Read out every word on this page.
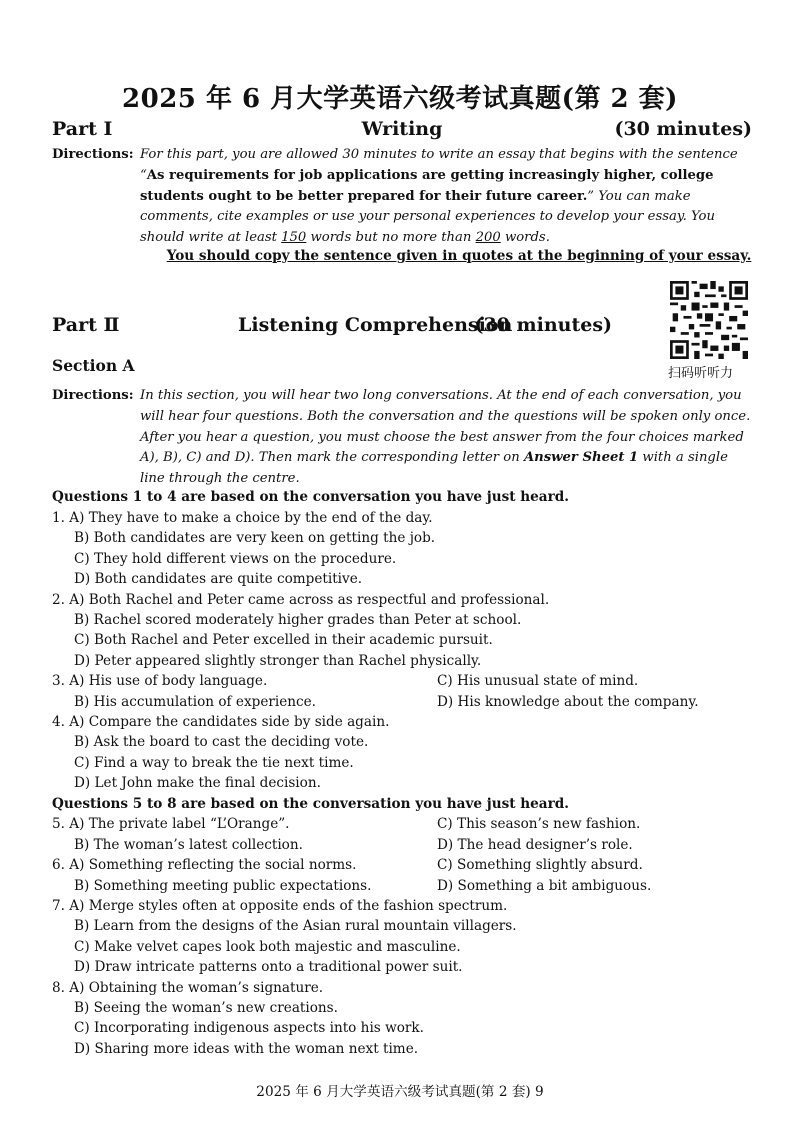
2025 年 6 月大学英语六级考试真题(第 2 套)
Part Ⅰ	Writing	(30 minutes)
Directions: For this part, you are allowed 30 minutes to write an essay that begins with the sentence “As requirements for job applications are getting increasingly higher, college students ought to be better prepared for their future career.” You can make comments, cite examples or use your personal experiences to develop your essay. You should write at least 150 words but no more than 200 words.
You should copy the sentence given in quotes at the beginning of your essay.
Part Ⅱ	Listening Comprehension
(30 minutes)
扫码听听力
Section A
Directions: In this section, you will hear two long conversations. At the end of each conversation, you will hear four questions. Both the conversation and the questions will be spoken only once. After you hear a question, you must choose the best answer from the four choices marked A), B), C) and D). Then mark the corresponding letter on Answer Sheet 1 with a single line through the centre.
Questions 1 to 4 are based on the conversation you have just heard.
1. A) They have to make a choice by the end of the day.
B) Both candidates are very keen on getting the job.
C) They hold different views on the procedure.
D) Both candidates are quite competitive.
2. A) Both Rachel and Peter came across as respectful and professional.
B) Rachel scored moderately higher grades than Peter at school.
C) Both Rachel and Peter excelled in their academic pursuit.
D) Peter appeared slightly stronger than Rachel physically.
3. A) His use of body language.	C) His unusual state of mind.
B) His accumulation of experience.	D) His knowledge about the company.
4. A) Compare the candidates side by side again.
B) Ask the board to cast the deciding vote.
C) Find a way to break the tie next time.
D) Let John make the final decision.
Questions 5 to 8 are based on the conversation you have just heard.
5. A) The private label “L’Orange”.	C) This season’s new fashion.
B) The woman’s latest collection.	D) The head designer’s role.
6. A) Something reflecting the social norms.	C) Something slightly absurd.
B) Something meeting public expectations.	D) Something a bit ambiguous.
7. A) Merge styles often at opposite ends of the fashion spectrum.
B) Learn from the designs of the Asian rural mountain villagers.
C) Make velvet capes look both majestic and masculine.
D) Draw intricate patterns onto a traditional power suit.
8. A) Obtaining the woman’s signature.
B) Seeing the woman’s new creations.
C) Incorporating indigenous aspects into his work.
D) Sharing more ideas with the woman next time.
2025 年 6 月大学英语六级考试真题(第 2 套) 9
